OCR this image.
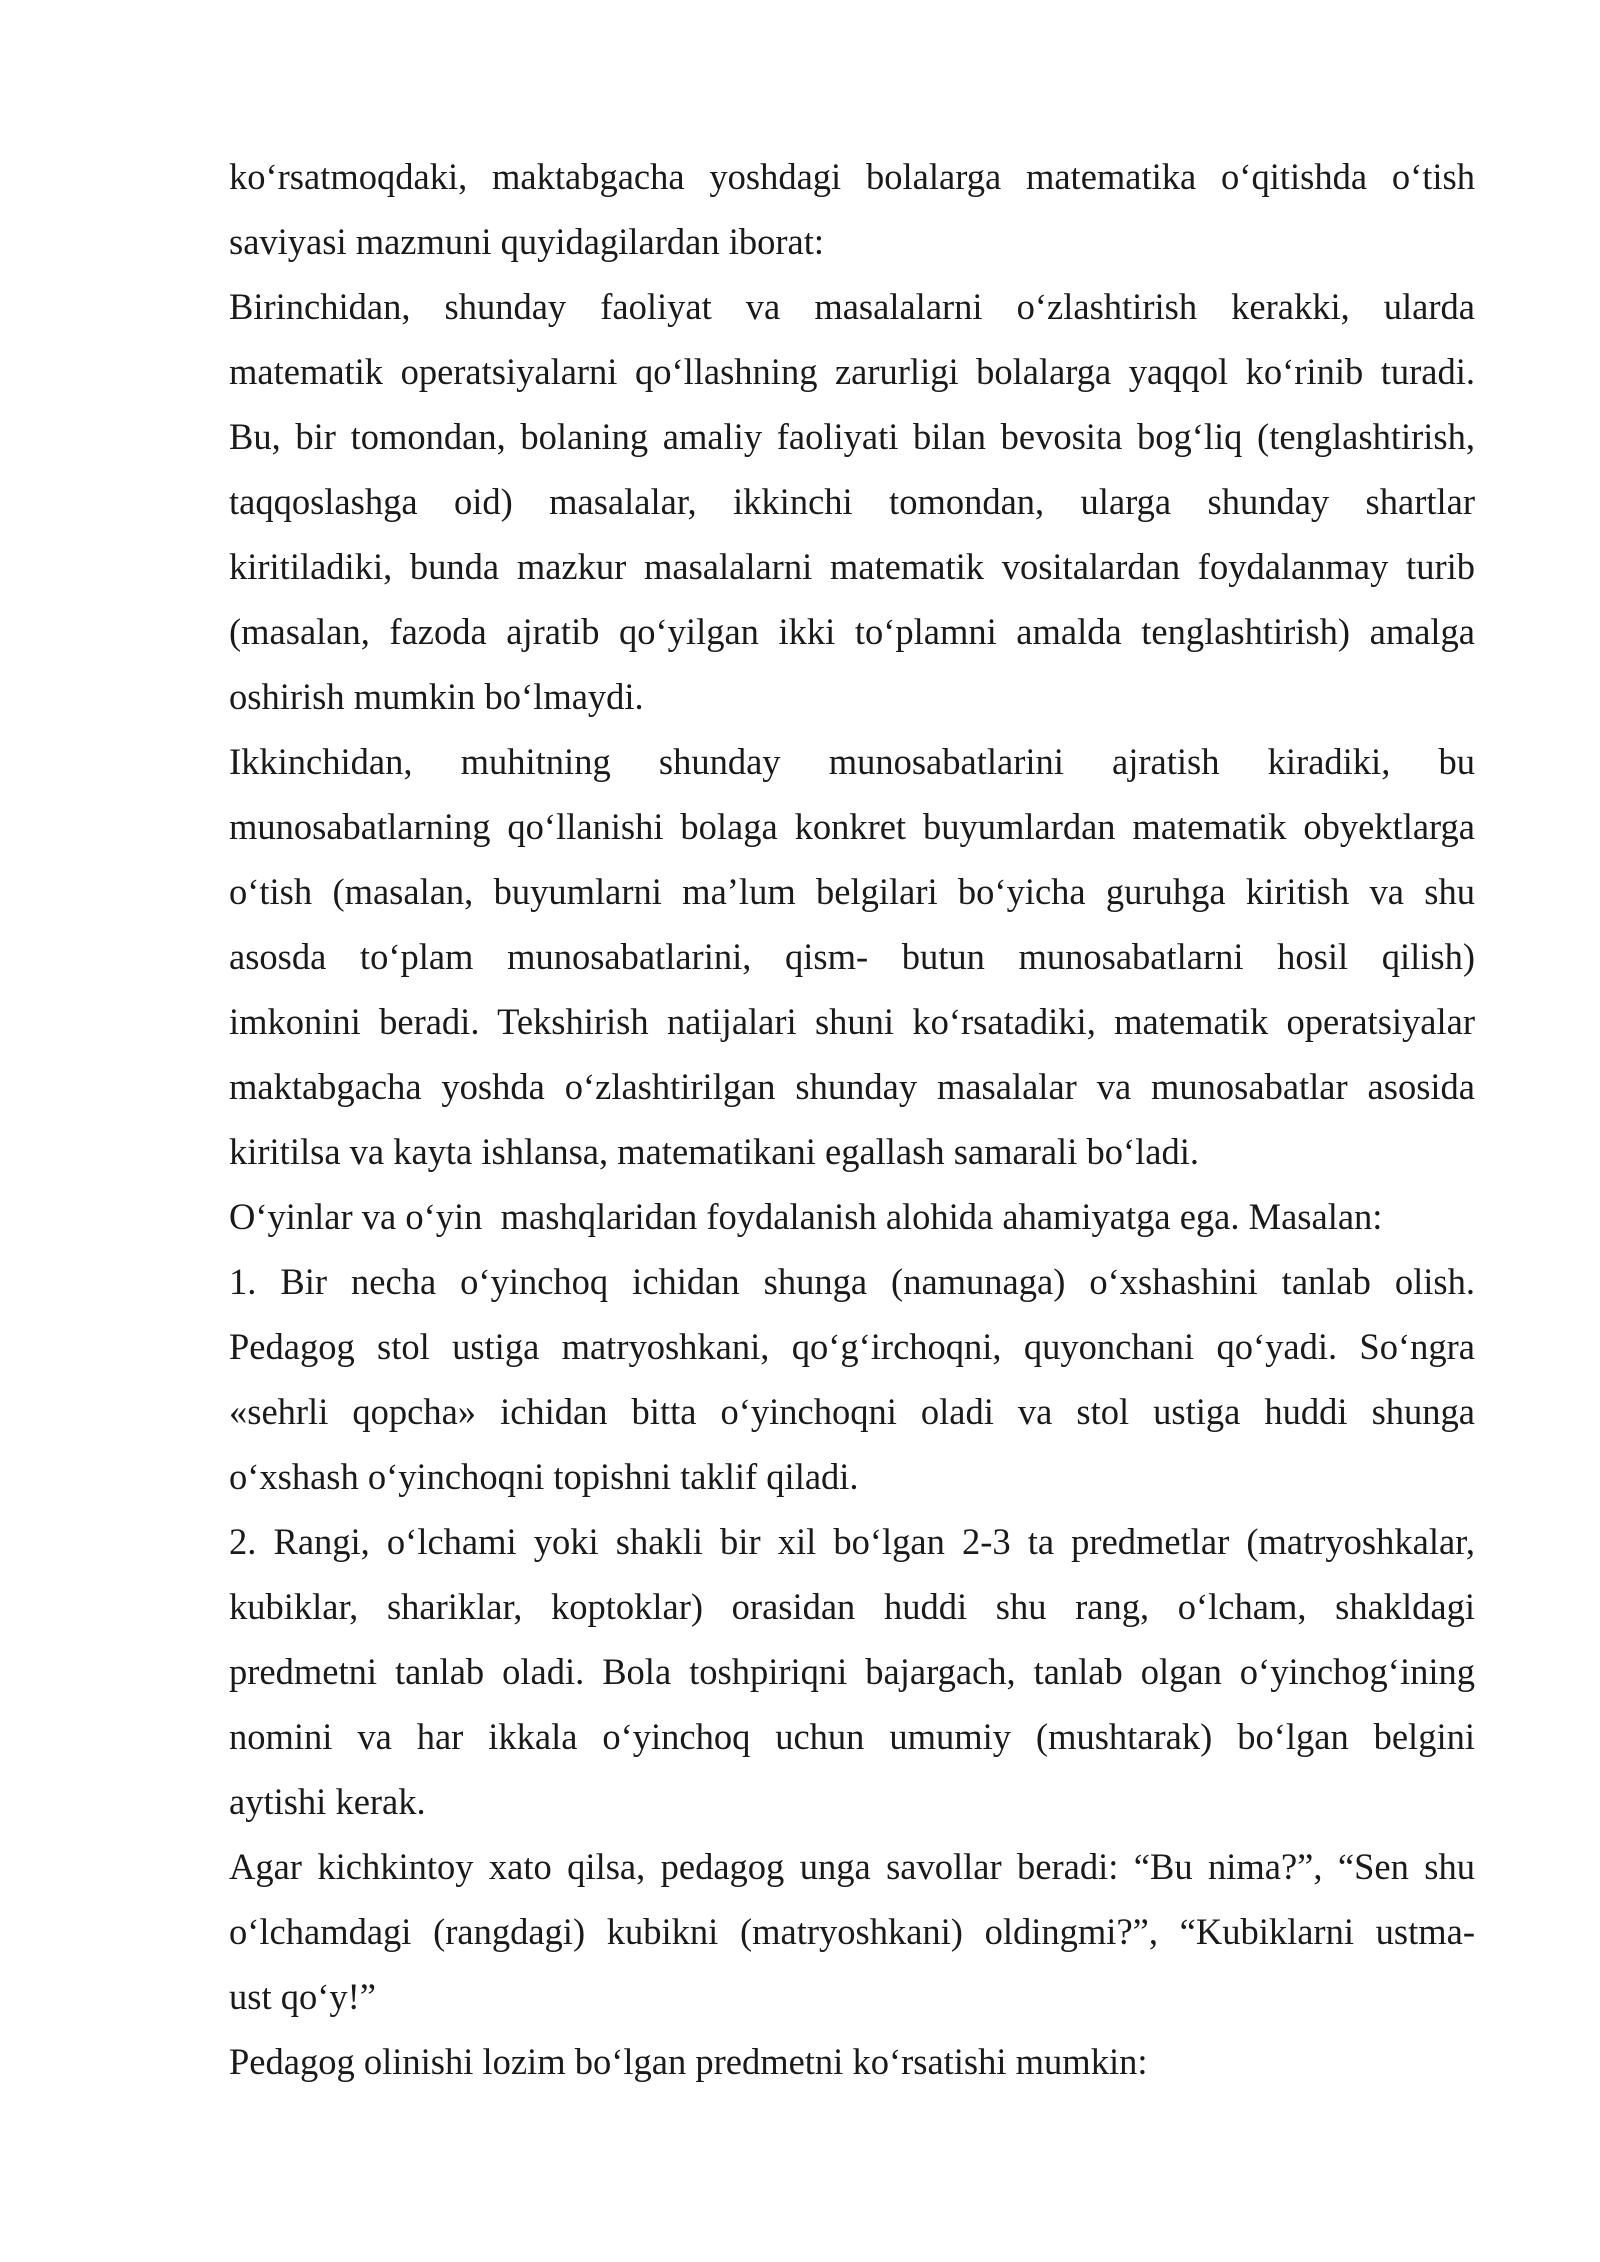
ko‘rsatmoqdaki, maktabgacha yoshdagi bolalarga matematika o‘qitishda o‘tish

saviyasi mazmuni quyidagilardan iborat:

Birinchidan, shunday faoliyat va masalalarni o‘zlashtirish kerakki, ularda

matematik operatsiyalarni qo‘llashning zarurligi bolalarga yaqqol ko‘rinib turadi.

Bu, bir tomondan, bolaning amaliy faoliyati bilan bevosita bog‘liq (tenglashtirish,

taqqoslashga oid) masalalar, ikkinchi tomondan, ularga shunday shartlar

kiritiladiki, bunda mazkur masalalarni matematik vositalardan foydalanmay turib

(masalan, fazoda ajratib qo‘yilgan ikki to‘plamni amalda tenglashtirish) amalga

oshirish mumkin bo‘lmaydi.

Ikkinchidan, muhitning shunday munosabatlarini ajratish kiradiki, bu

munosabatlarning qo‘llanishi bolaga konkret buyumlardan matematik obyektlarga

o‘tish (masalan, buyumlarni ma’lum belgilari bo‘yicha guruhga kiritish va shu

asosda to‘plam munosabatlarini, qism- butun munosabatlarni hosil qilish)

imkonini beradi. Tekshirish natijalari shuni ko‘rsatadiki, matematik operatsiyalar

maktabgacha yoshda o‘zlashtirilgan shunday masalalar va munosabatlar asosida

kiritilsa va kayta ishlansa, matematikani egallash samarali bo‘ladi.

O‘yinlar va o‘yin  mashqlaridan foydalanish alohida ahamiyatga ega. Masalan:

1. Bir necha o‘yinchoq ichidan shunga (namunaga) o‘xshashini tanlab olish.

Pedagog stol ustiga matryoshkani, qo‘g‘irchoqni, quyonchani qo‘yadi. So‘ngra

«sehrli qopcha» ichidan bitta o‘yinchoqni oladi va stol ustiga huddi shunga

o‘xshash o‘yinchoqni topishni taklif qiladi.

2. Rangi, o‘lchami yoki shakli bir xil bo‘lgan 2-3 ta predmetlar (matryoshkalar,

kubiklar, shariklar, koptoklar) orasidan huddi shu rang, o‘lcham, shakldagi

predmetni tanlab oladi. Bola toshpiriqni bajargach, tanlab olgan o‘yinchog‘ining

nomini va har ikkala o‘yinchoq uchun umumiy (mushtarak) bo‘lgan belgini

aytishi kerak.

Agar kichkintoy xato qilsa, pedagog unga savollar beradi: “Bu nima?”, “Sen shu

o‘lchamdagi (rangdagi) kubikni (matryoshkani) oldingmi?”, “Kubiklarni ustma-

ust qo‘y!”

Pedagog olinishi lozim bo‘lgan predmetni ko‘rsatishi mumkin:
